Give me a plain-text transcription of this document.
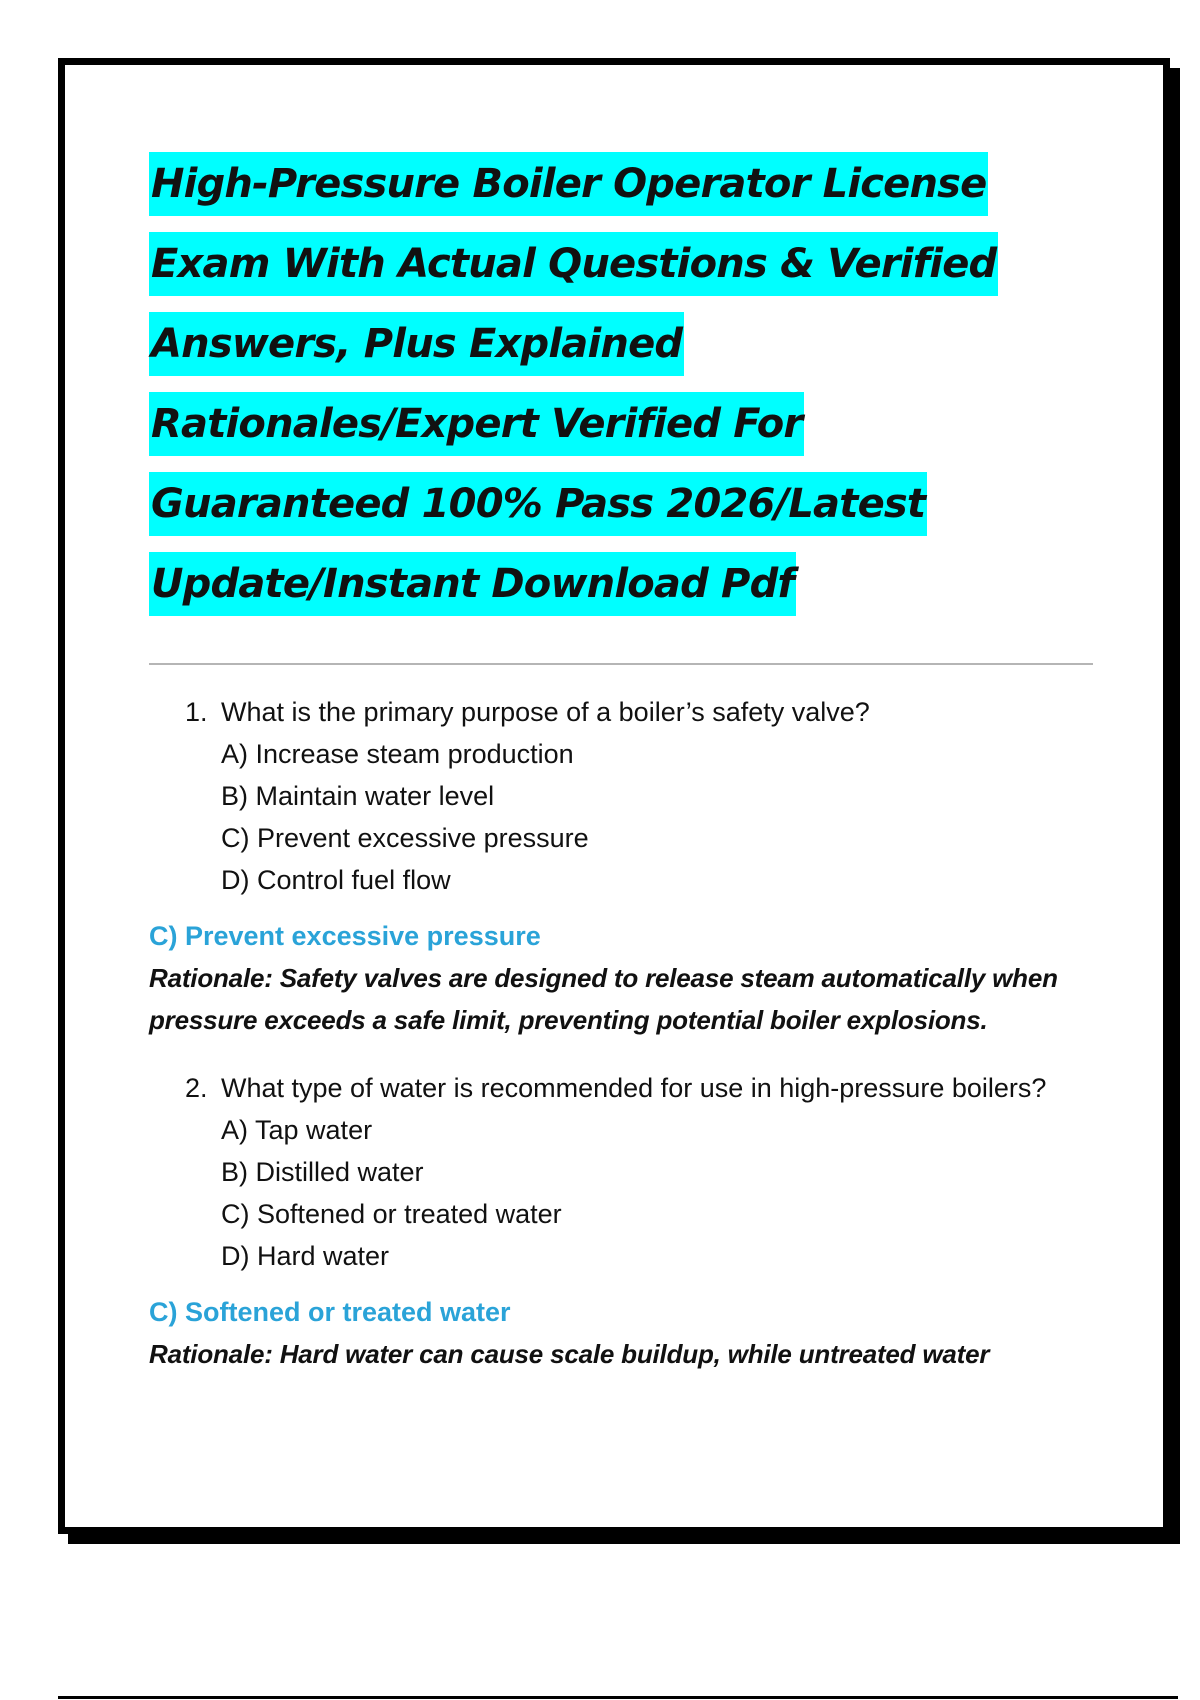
High-Pressure Boiler Operator License
Exam With Actual Questions & Verified
Answers, Plus Explained
Rationales/Expert Verified For
Guaranteed 100% Pass 2026/Latest
Update/Instant Download Pdf
1. What is the primary purpose of a boiler’s safety valve?
A) Increase steam production
B) Maintain water level
C) Prevent excessive pressure
D) Control fuel flow
C) Prevent excessive pressure
Rationale: Safety valves are designed to release steam automatically when pressure exceeds a safe limit, preventing potential boiler explosions.
2. What type of water is recommended for use in high-pressure boilers?
A) Tap water
B) Distilled water
C) Softened or treated water
D) Hard water
C) Softened or treated water
Rationale: Hard water can cause scale buildup, while untreated water
